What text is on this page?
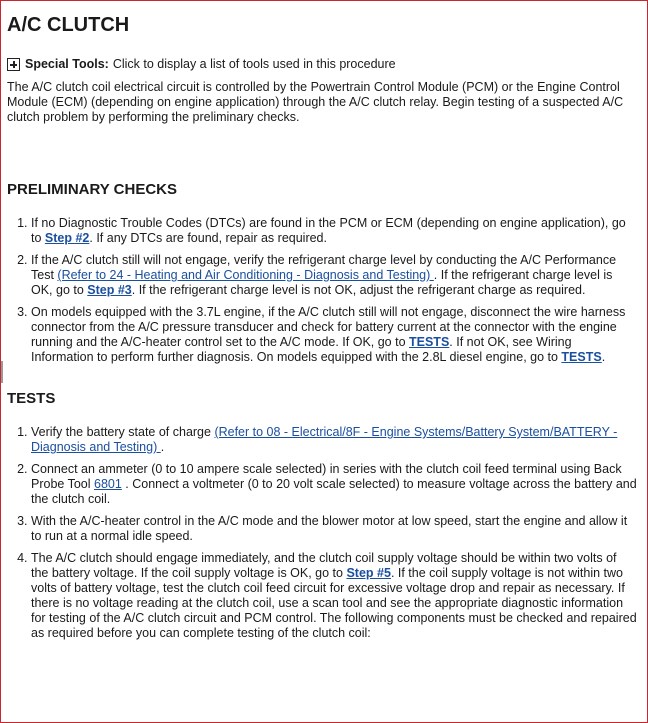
A/C CLUTCH
Special Tools: Click to display a list of tools used in this procedure

The A/C clutch coil electrical circuit is controlled by the Powertrain Control Module (PCM) or the Engine Control Module (ECM) (depending on engine application) through the A/C clutch relay. Begin testing of a suspected A/C clutch problem by performing the preliminary checks.

PRELIMINARY CHECKS
1. If no Diagnostic Trouble Codes (DTCs) are found in the PCM or ECM (depending on engine application), go to Step #2. If any DTCs are found, repair as required.
2. If the A/C clutch still will not engage, verify the refrigerant charge level by conducting the A/C Performance Test (Refer to 24 - Heating and Air Conditioning - Diagnosis and Testing) . If the refrigerant charge level is OK, go to Step #3. If the refrigerant charge level is not OK, adjust the refrigerant charge as required.
3. On models equipped with the 3.7L engine, if the A/C clutch still will not engage, disconnect the wire harness connector from the A/C pressure transducer and check for battery current at the connector with the engine running and the A/C-heater control set to the A/C mode. If OK, go to TESTS. If not OK, see Wiring Information to perform further diagnosis. On models equipped with the 2.8L diesel engine, go to TESTS.
TESTS
1. Verify the battery state of charge (Refer to 08 - Electrical/8F - Engine Systems/Battery System/BATTERY - Diagnosis and Testing) .
2. Connect an ammeter (0 to 10 ampere scale selected) in series with the clutch coil feed terminal using Back Probe Tool 6801 . Connect a voltmeter (0 to 20 volt scale selected) to measure voltage across the battery and the clutch coil.
3. With the A/C-heater control in the A/C mode and the blower motor at low speed, start the engine and allow it to run at a normal idle speed.
4. The A/C clutch should engage immediately, and the clutch coil supply voltage should be within two volts of the battery voltage. If the coil supply voltage is OK, go to Step #5. If the coil supply voltage is not within two volts of battery voltage, test the clutch coil feed circuit for excessive voltage drop and repair as necessary. If there is no voltage reading at the clutch coil, use a scan tool and see the appropriate diagnostic information for testing of the A/C clutch circuit and PCM control. The following components must be checked and repaired as required before you can complete testing of the clutch coil:
